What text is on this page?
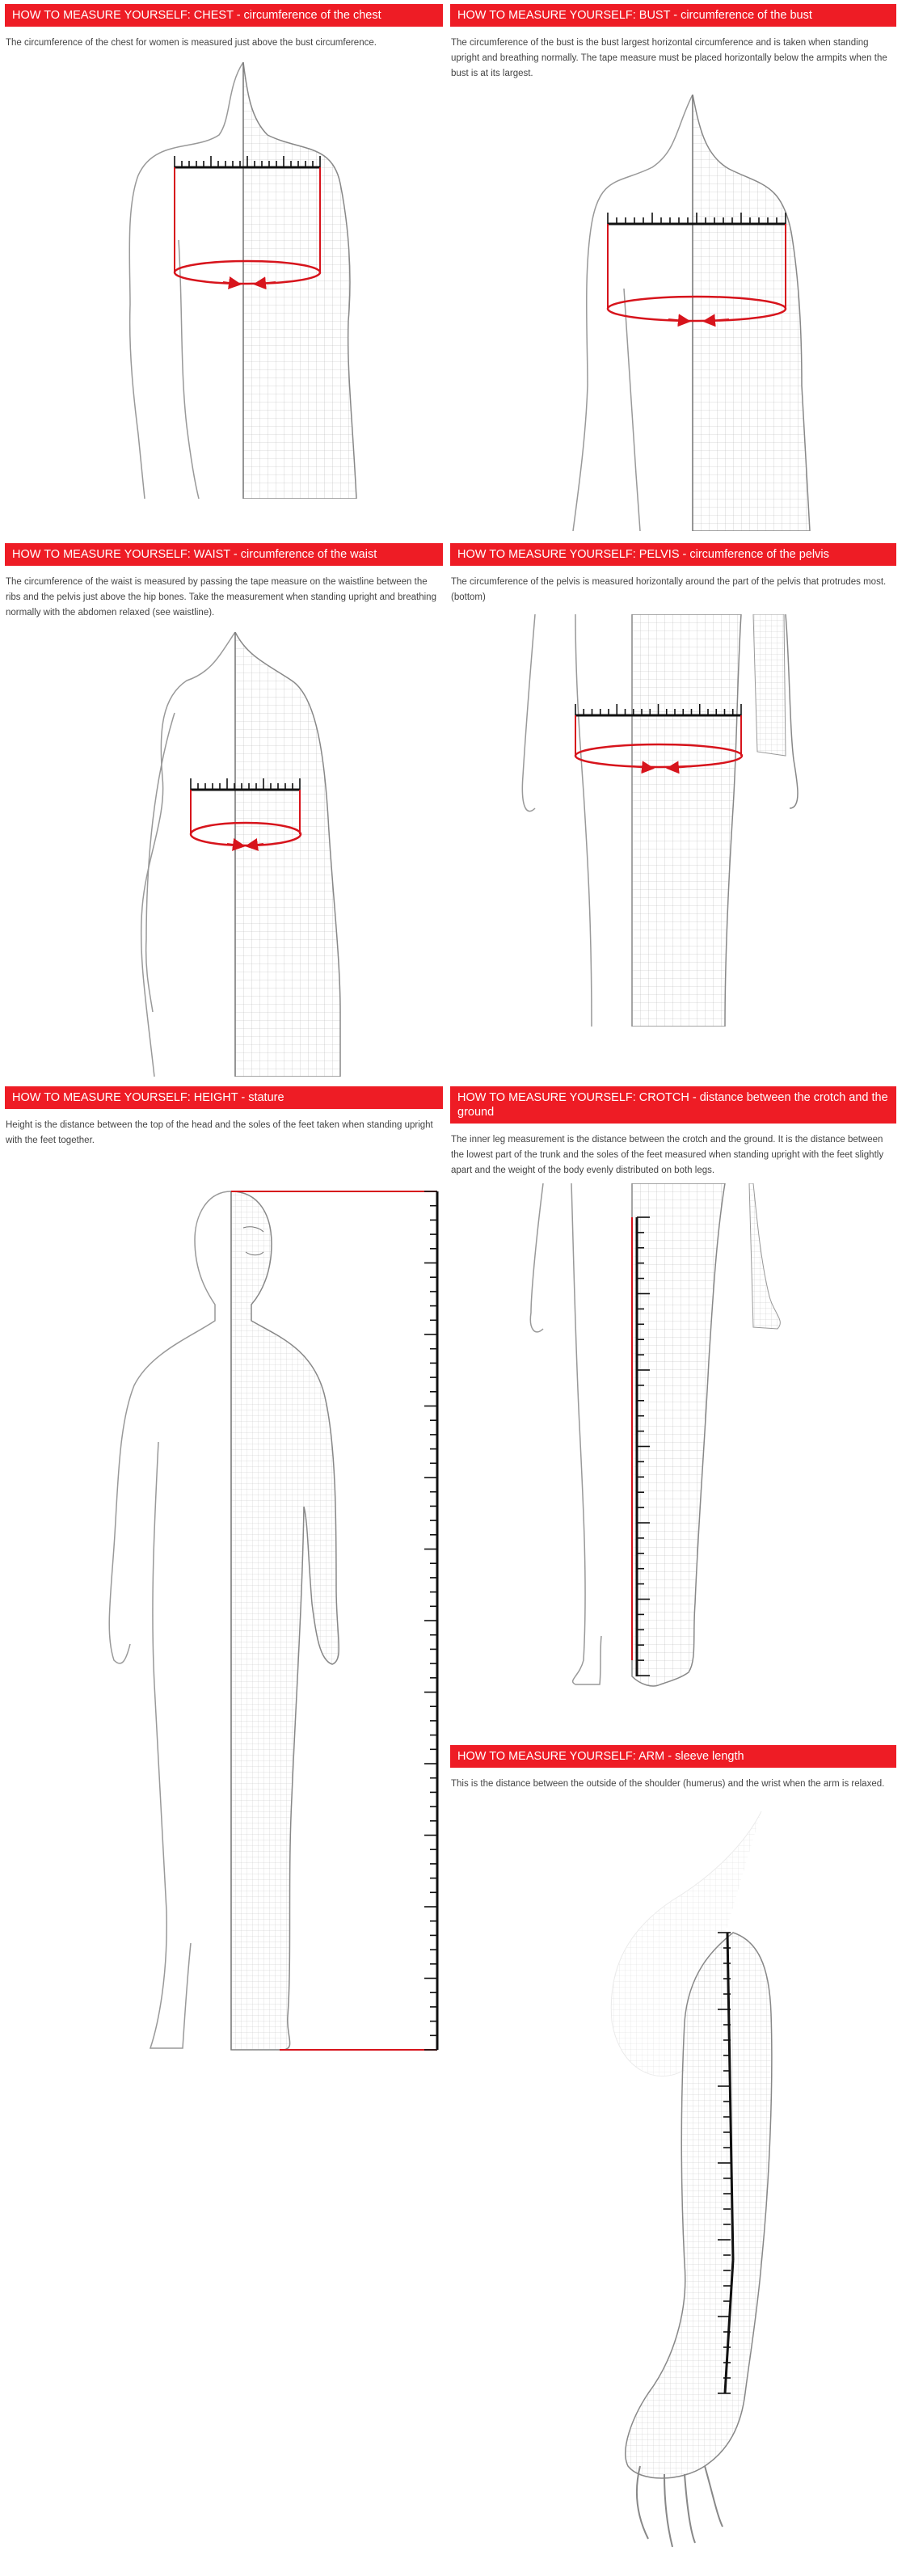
HOW TO MEASURE YOURSELF: CHEST - circumference of the chest
The circumference of the chest for women is measured just above the bust circumference.
HOW TO MEASURE YOURSELF: BUST - circumference of the bust
The circumference of the bust is the bust largest horizontal circumference and is taken when standing upright and breathing normally. The tape measure must be placed horizontally below the armpits when the bust is at its largest.
HOW TO MEASURE YOURSELF: WAIST - circumference of the waist
The circumference of the waist is measured by passing the tape measure on the waistline between the ribs and the pelvis just above the hip bones. Take the measurement when standing upright and breathing normally with the abdomen relaxed (see waistline).
HOW TO MEASURE YOURSELF: PELVIS - circumference of the pelvis
The circumference of the pelvis is measured horizontally around the part of the pelvis that protrudes most. (bottom)
HOW TO MEASURE YOURSELF: HEIGHT - stature
Height is the distance between the top of the head and the soles of the feet taken when standing upright with the feet together.
HOW TO MEASURE YOURSELF: CROTCH - distance between the crotch and the ground
The inner leg measurement is the distance between the crotch and the ground. It is the distance between the lowest part of the trunk and the soles of the feet measured when standing upright with the feet slightly apart and the weight of the body evenly distributed on both legs.
HOW TO MEASURE YOURSELF: ARM - sleeve length
This is the distance between the outside of the shoulder (humerus) and the wrist when the arm is relaxed.
